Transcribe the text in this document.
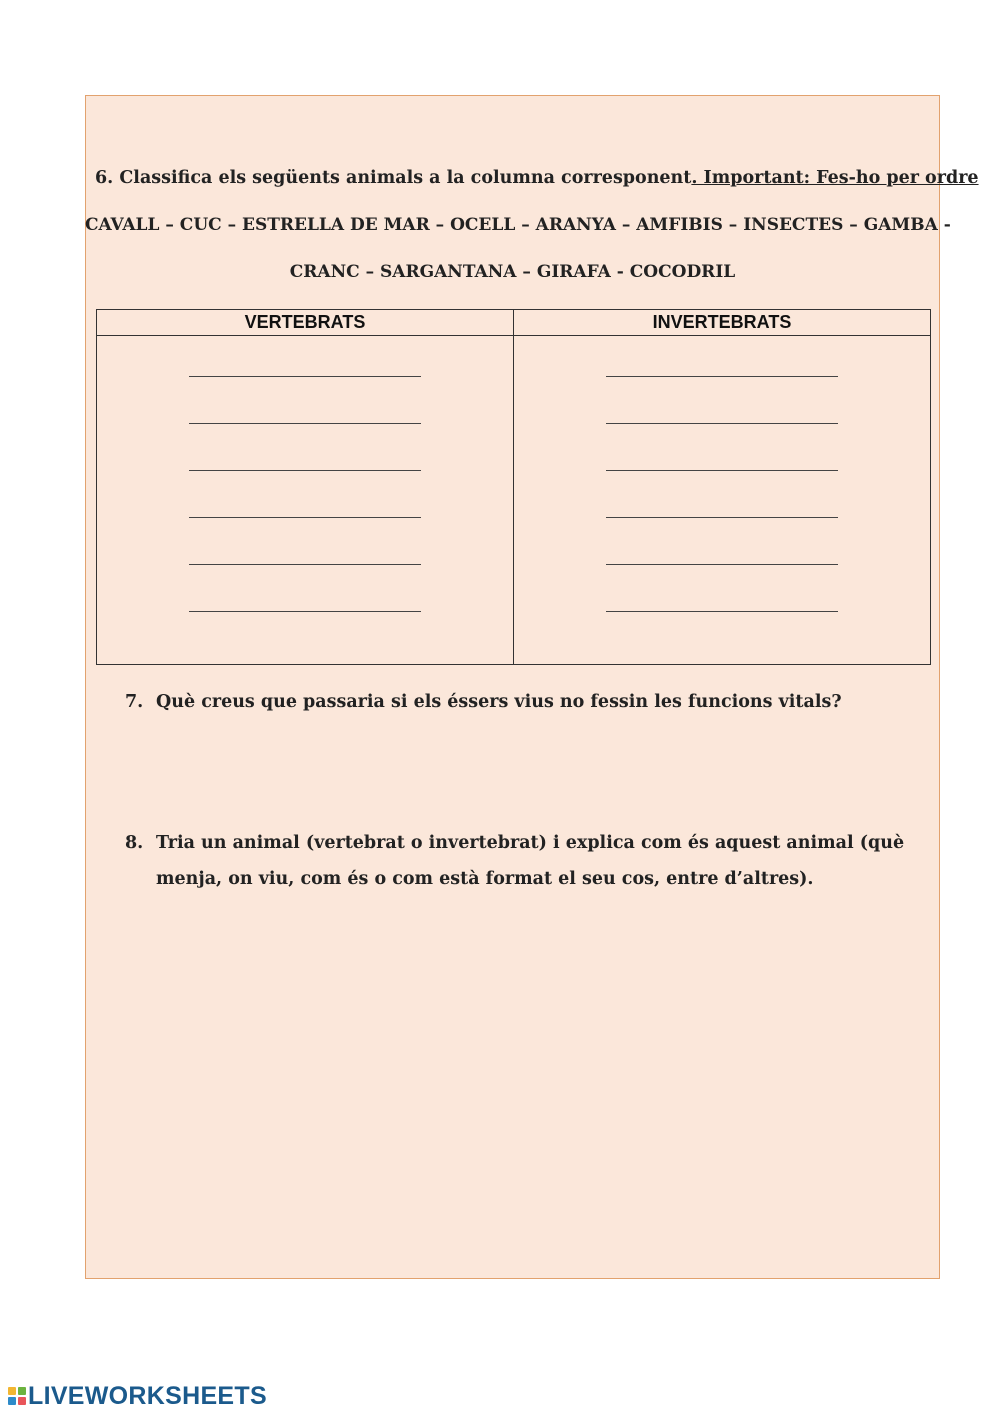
6. Classifica els següents animals a la columna corresponent. Important: Fes-ho per ordre
CAVALL – CUC – ESTRELLA DE MAR – OCELL – ARANYA – AMFIBIS – INSECTES – GAMBA -
CRANC – SARGANTANA – GIRAFA - COCODRIL
VERTEBRATS	INVERTEBRATS
7. Què creus que passaria si els éssers vius no fessin les funcions vitals?
8. Tria un animal (vertebrat o invertebrat) i explica com és aquest animal (què menja, on viu, com és o com està format el seu cos, entre d’altres).
LIVEWORKSHEETS
